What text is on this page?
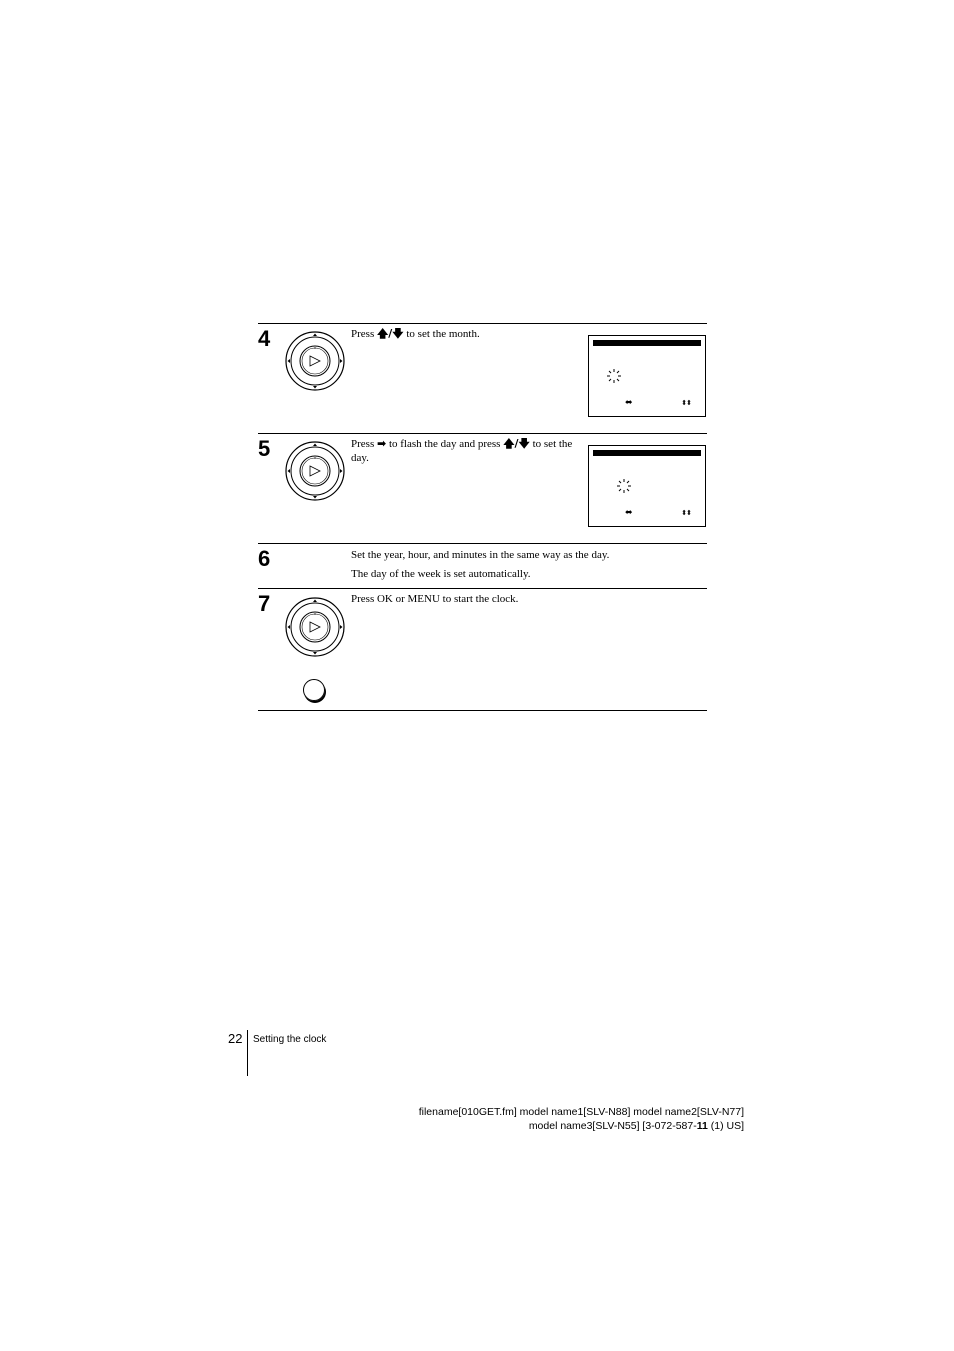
4	Press 🡅/🡇 to set the month.
⬌	⬍⬍
5	Press ➡ to flash the day and press 🡅/🡇 to set the day.
⬌	⬍⬍
6	Set the year, hour, and minutes in the same way as the day.
The day of the week is set automatically.
7	Press OK or MENU to start the clock.
22 Setting the clock
filename[010GET.fm] model name1[SLV-N88] model name2[SLV-N77]
model name3[SLV-N55] [3-072-587-11 (1) US]
